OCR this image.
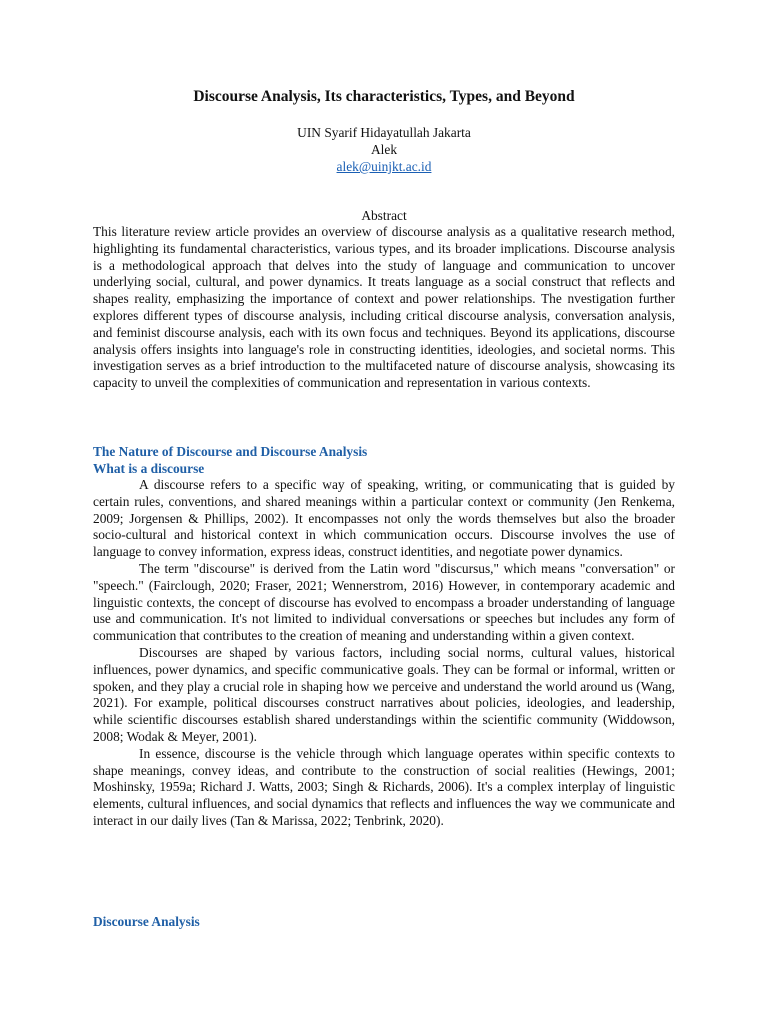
Discourse Analysis, Its characteristics, Types, and Beyond
UIN Syarif Hidayatullah Jakarta
Alek
alek@uinjkt.ac.id
Abstract

This literature review article provides an overview of discourse analysis as a qualitative research method, highlighting its fundamental characteristics, various types, and its broader implications. Discourse analysis is a methodological approach that delves into the study of language and communication to uncover underlying social, cultural, and power dynamics. It treats language as a social construct that reflects and shapes reality, emphasizing the importance of context and power relationships. The nvestigation further explores different types of discourse analysis, including critical discourse analysis, conversation analysis, and feminist discourse analysis, each with its own focus and techniques. Beyond its applications, discourse analysis offers insights into language's role in constructing identities, ideologies, and societal norms. This investigation serves as a brief introduction to the multifaceted nature of discourse analysis, showcasing its capacity to unveil the complexities of communication and representation in various contexts.

The Nature of Discourse and Discourse Analysis
What is a discourse

A discourse refers to a specific way of speaking, writing, or communicating that is guided by certain rules, conventions, and shared meanings within a particular context or community (Jen Renkema, 2009; Jorgensen & Phillips, 2002). It encompasses not only the words themselves but also the broader socio-cultural and historical context in which communication occurs. Discourse involves the use of language to convey information, express ideas, construct identities, and negotiate power dynamics.

The term "discourse" is derived from the Latin word "discursus," which means "conversation" or "speech." (Fairclough, 2020; Fraser, 2021; Wennerstrom, 2016) However, in contemporary academic and linguistic contexts, the concept of discourse has evolved to encompass a broader understanding of language use and communication. It's not limited to individual conversations or speeches but includes any form of communication that contributes to the creation of meaning and understanding within a given context.

Discourses are shaped by various factors, including social norms, cultural values, historical influences, power dynamics, and specific communicative goals. They can be formal or informal, written or spoken, and they play a crucial role in shaping how we perceive and understand the world around us (Wang, 2021). For example, political discourses construct narratives about policies, ideologies, and leadership, while scientific discourses establish shared understandings within the scientific community (Widdowson, 2008; Wodak & Meyer, 2001).

In essence, discourse is the vehicle through which language operates within specific contexts to shape meanings, convey ideas, and contribute to the construction of social realities (Hewings, 2001; Moshinsky, 1959a; Richard J. Watts, 2003; Singh & Richards, 2006). It's a complex interplay of linguistic elements, cultural influences, and social dynamics that reflects and influences the way we communicate and interact in our daily lives (Tan & Marissa, 2022; Tenbrink, 2020).

Discourse Analysis
